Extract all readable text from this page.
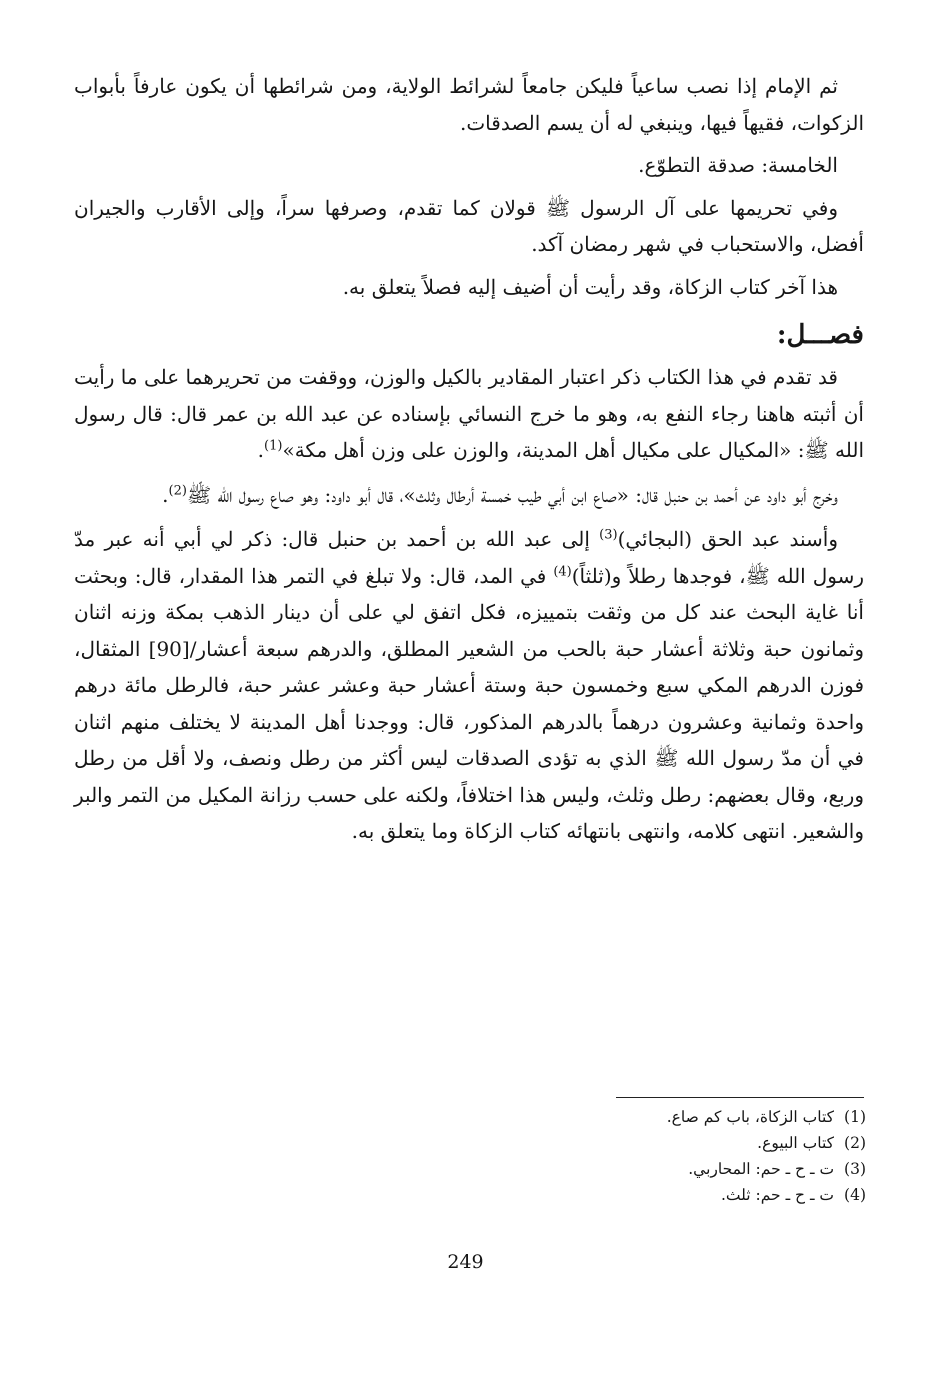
ثم الإمام إذا نصب ساعياً فليكن جامعاً لشرائط الولاية، ومن شرائطها أن يكون عارفاً بأبواب الزكوات، فقيهاً فيها، وينبغي له أن يسم الصدقات.

الخامسة: صدقة التطوّع.

وفي تحريمها على آل الرسول ﷺ قولان كما تقدم، وصرفها سراً، وإلى الأقارب والجيران أفضل، والاستحباب في شهر رمضان آكد.

هذا آخر كتاب الزكاة، وقد رأيت أن أضيف إليه فصلاً يتعلق به.

فصـــل:

قد تقدم في هذا الكتاب ذكر اعتبار المقادير بالكيل والوزن، ووقفت من تحريرهما على ما رأيت أن أثبته هاهنا رجاء النفع به، وهو ما خرج النسائي بإسناده عن عبد الله بن عمر قال: قال رسول الله ﷺ: «المكيال على مكيال أهل المدينة، والوزن على وزن أهل مكة»$^{(1)}$.

وخرج أبو داود عن أحمد بن حنبل قال: «صاع ابن أبي طيب خمسة أرطال وثلث»، قال أبو داود: وهو صاع رسول الله ﷺ$^{(2)}$.

وأسند عبد الحق (البجائي)$^{(3)}$ إلى عبد الله بن أحمد بن حنبل قال: ذكر لي أبي أنه عبر مدّ رسول الله ﷺ، فوجدها رطلاً و(ثلثاً)$^{(4)}$ في المد، قال: ولا تبلغ في التمر هذا المقدار، قال: وبحثت أنا غاية البحث عند كل من وثقت بتمييزه، فكل اتفق لي على أن دينار الذهب بمكة وزنه اثنان وثمانون حبة وثلاثة أعشار حبة بالحب من الشعير المطلق، والدرهم سبعة أعشار/[90] المثقال، فوزن الدرهم المكي سبع وخمسون حبة وستة أعشار حبة وعشر عشر حبة، فالرطل مائة درهم واحدة وثمانية وعشرون درهماً بالدرهم المذكور، قال: ووجدنا أهل المدينة لا يختلف منهم اثنان في أن مدّ رسول الله ﷺ الذي به تؤدى الصدقات ليس أكثر من رطل ونصف، ولا أقل من رطل وربع، وقال بعضهم: رطل وثلث، وليس هذا اختلافاً، ولكنه على حسب رزانة المكيل من التمر والبر والشعير. انتهى كلامه، وانتهى بانتهائه كتاب الزكاة وما يتعلق به.

(1)
كتاب الزكاة، باب كم صاع.
(2)
كتاب البيوع.
(3)
ت ـ ح ـ حم: المحاربي.
(4)
ت ـ ح ـ حم: ثلث.
249
